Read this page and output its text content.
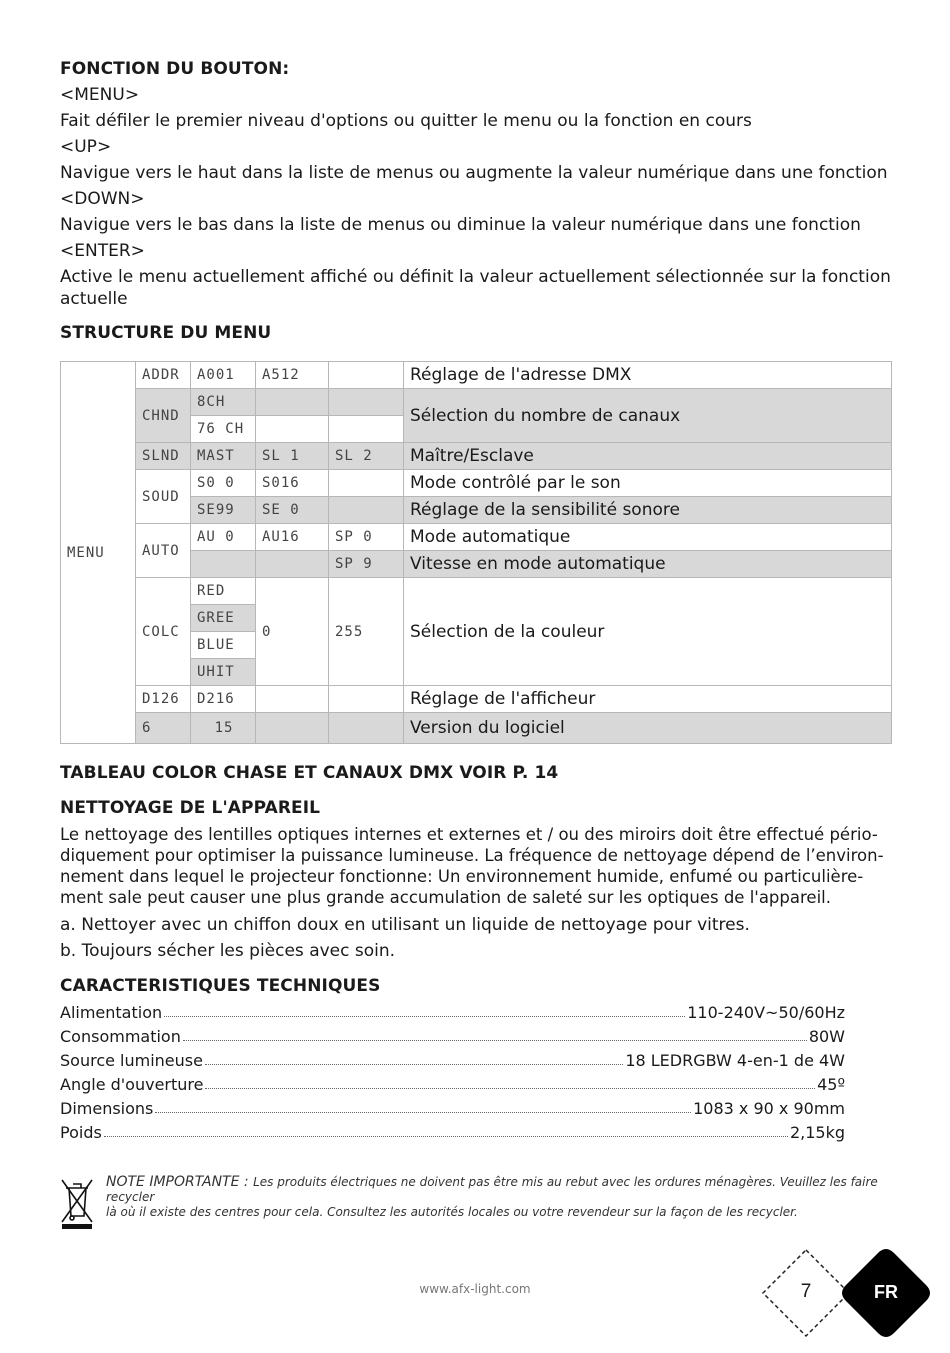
FONCTION DU BOUTON:
<MENU>
Fait défiler le premier niveau d'options ou quitter le menu ou la fonction en cours
<UP>
Navigue vers le haut dans la liste de menus ou augmente la valeur numérique dans une fonction
<DOWN>
Navigue vers le bas dans la liste de menus ou diminue la valeur numérique dans une fonction
<ENTER>
Active le menu actuellement affiché ou définit la valeur actuellement sélectionnée sur la fonction actuelle
STRUCTURE DU MENU
MENU	ADDR	A001	A512		Réglage de l'adresse DMX
	CHND	8CH			Sélection du nombre de canaux
		76 CH			
	SLND	MAST	SL 1	SL 2	Maître/Esclave
	SOUD	S0 0	S016		Mode contrôlé par le son
		SE99	SE 0		Réglage de la sensibilité sonore
	AUTO	AU 0	AU16	SP 0	Mode automatique
				SP 9	Vitesse en mode automatique
	COLC	RED	0	255	Sélection de la couleur
		GREE			
		BLUE			
		UHIT			
	D126	D216			Réglage de l'afficheur
	6	15			Version du logiciel
TABLEAU COLOR CHASE ET CANAUX DMX VOIR P. 14
NETTOYAGE DE L'APPAREIL
Le nettoyage des lentilles optiques internes et externes et / ou des miroirs doit être effectué pério-
diquement pour optimiser la puissance lumineuse. La fréquence de nettoyage dépend de l’environ-
nement dans lequel le projecteur fonctionne: Un environnement humide, enfumé ou particulière-
ment sale peut causer une plus grande accumulation de saleté sur les optiques de l'appareil.
a. Nettoyer avec un chiffon doux en utilisant un liquide de nettoyage pour vitres.
b. Toujours sécher les pièces avec soin.
CARACTERISTIQUES TECHNIQUES
Alimentation	110-240V~50/60Hz
Consommation	80W
Source lumineuse	18 LEDRGBW 4-en-1 de 4W
Angle d'ouverture	45º
Dimensions	1083 x 90 x 90mm
Poids	2,15kg
NOTE IMPORTANTE : Les produits électriques ne doivent pas être mis au rebut avec les ordures ménagères. Veuillez les faire recycler
là où il existe des centres pour cela. Consultez les autorités locales ou votre revendeur sur la façon de les recycler.
www.afx-light.com	7	FR
